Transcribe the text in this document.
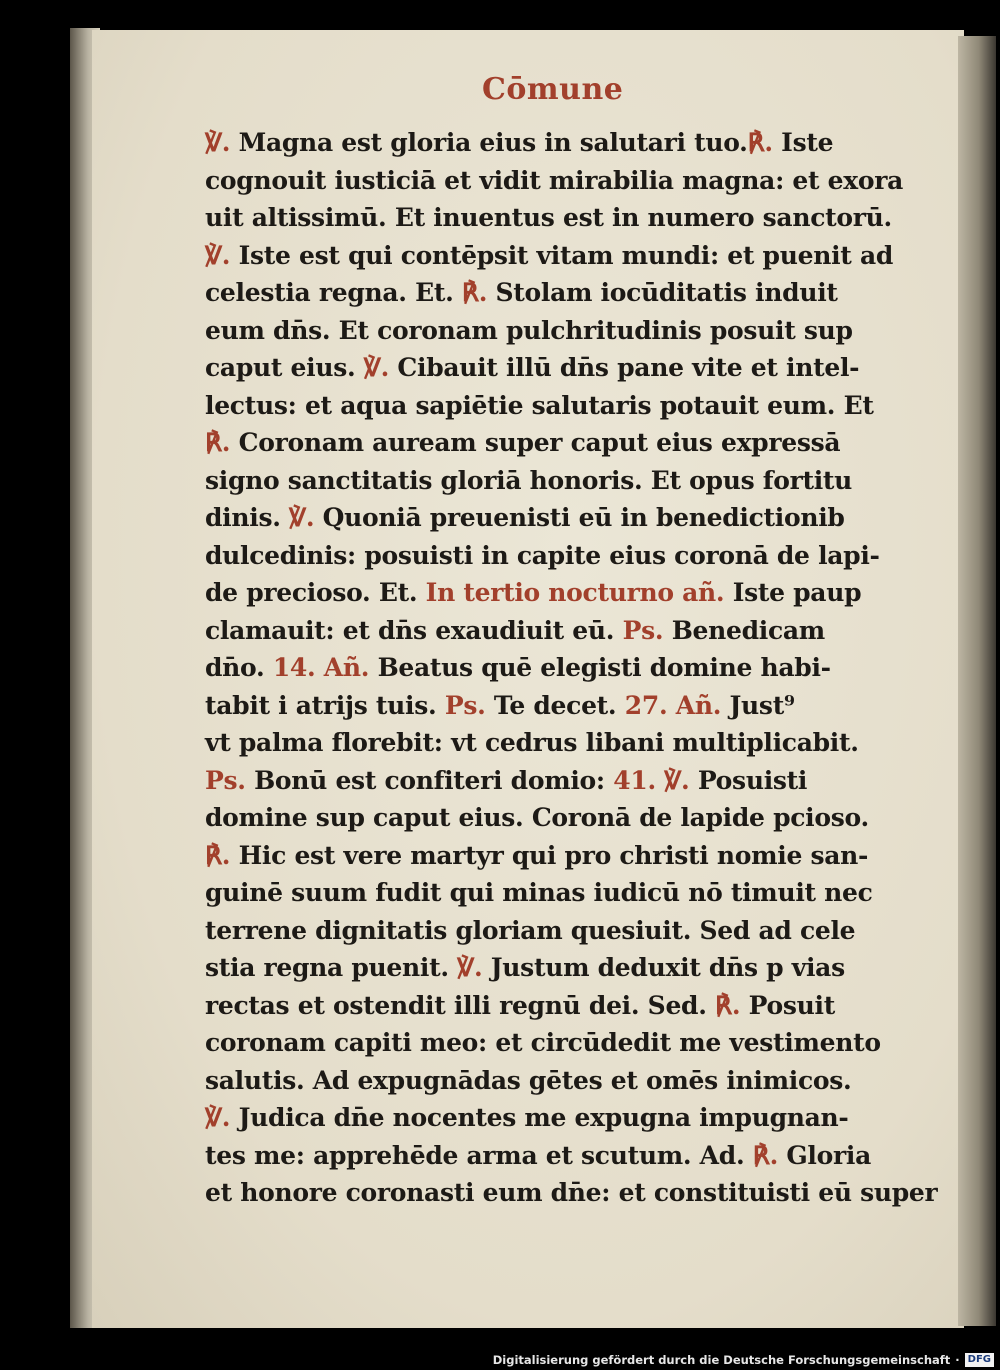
Cōmune
℣. Magna est gloria eius in salutari tuo.℟. Iste
cognouit iusticiā et vidit mirabilia magna: et exora
uit altissimū. Et inuentus est in numero sanctorū.
℣. Iste est qui contēpsit vitam mundi: et puenit ad
celestia regna. Et. ℟. Stolam iocūditatis induit
eum dn̄s. Et coronam pulchritudinis posuit sup
caput eius. ℣. Cibauit illū dn̄s pane vite et intel-
lectus: et aqua sapiētie salutaris potauit eum. Et
℟. Coronam auream super caput eius expressā
signo sanctitatis gloriā honoris. Et opus fortitu
dinis. ℣. Quoniā preuenisti eū in benedictionib
dulcedinis: posuisti in capite eius coronā de lapi-
de precioso. Et. In tertio nocturno añ. Iste paup
clamauit: et dn̄s exaudiuit eū. Ps. Benedicam
dn̄o. 14. Añ. Beatus quē elegisti domine habi-
tabit i atrijs tuis. Ps. Te decet. 27. Añ. Just⁹
vt palma florebit: vt cedrus libani multiplicabit.
Ps. Bonū est confiteri domio: 41. ℣. Posuisti
domine sup caput eius. Coronā de lapide pcioso.
℟. Hic est vere martyr qui pro christi nomie san-
guinē suum fudit qui minas iudicū nō timuit nec
terrene dignitatis gloriam quesiuit. Sed ad cele
stia regna puenit. ℣. Justum deduxit dn̄s p vias
rectas et ostendit illi regnū dei. Sed. ℟. Posuit
coronam capiti meo: et circūdedit me vestimento
salutis. Ad expugnādas gētes et omēs inimicos.
℣. Judica dn̄e nocentes me expugna impugnan-
tes me: apprehēde arma et scutum. Ad. ℟. Gloria
et honore coronasti eum dn̄e: et constituisti eū super
Digitalisierung gefördert durch die Deutsche Forschungsgemeinschaft · DFG
